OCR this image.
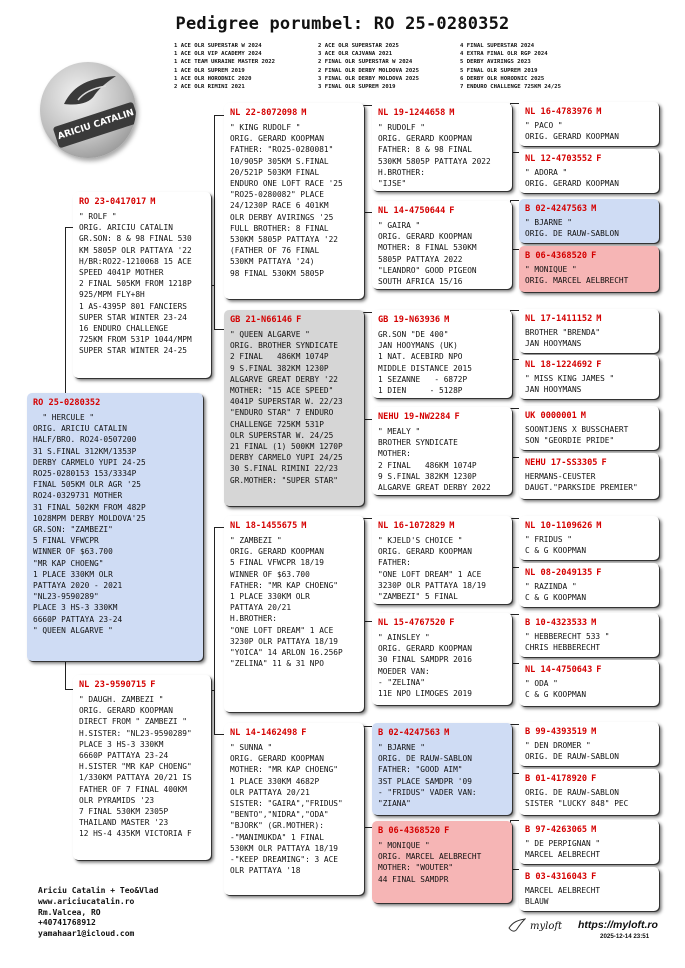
Pedigree porumbel: RO 25-0280352
1 ACE OLR SUPERSTAR W 2024
1 ACE OLR VIP ACADEMY 2024
1 ACE TEAM UKRAINE MASTER 2022
1 ACE OLR SUPREM 2019
1 ACE OLR HORODNIC 2020
2 ACE OLR RIMINI 2021
2 ACE OLR SUPERSTAR 2025
3 ACE OLR CAJVANA 2021
2 FINAL OLR SUPERSTAR W 2024
2 FINAL OLR DERBY MOLDOVA 2025
3 FINAL OLR DERBY MOLDOVA 2025
3 FINAL OLR SUPREM 2019
4 FINAL SUPERSTAR 2024
4 EXTRA FINAL OLR RGP 2024
5 DERBY AVIRINGS 2023
5 FINAL OLR SUPREM 2019
6 DERBY OLR HORODNIC 2025
7 ENDURO CHALLENGE 725KM 24/25
ARICIU CATALIN
RO 25-0280352
" HERCULE "
ORIG. ARICIU CATALIN
HALF/BRO. RO24-0507200
31 S.FINAL 312KM/1353P
DERBY CARMELO YUPI 24-25
RO25-0280153 153/3334P
FINAL 505KM OLR AGR '25
RO24-0329731 MOTHER
31 FINAL 502KM FROM 482P
1028MPM DERBY MOLDOVA'25
GR.SON: "ZAMBEZI"
5 FINAL VFWCPR
WINNER OF $63.700
"MR KAP CHOENG"
1 PLACE 330KM OLR
PATTAYA 2020 - 2021
"NL23-9590289"
PLACE 3 HS-3 330KM
6660P PATTAYA 23-24
" QUEEN ALGARVE "
RO 23-0417017 M
" ROLF "
ORIG. ARICIU CATALIN
GR.SON: 8 & 98 FINAL 530
KM 5805P OLR PATTAYA '22
H/BR:RO22-1210068 15 ACE
SPEED 4041P MOTHER
2 FINAL 505KM FROM 1218P
925/MPM FLY+8H
1 AS-4395P 801 FANCIERS
SUPER STAR WINTER 23-24
16 ENDURO CHALLENGE
725KM FROM 531P 1044/MPM
SUPER STAR WINTER 24-25
NL 23-9590715 F
" DAUGH. ZAMBEZI "
ORIG. GERARD KOOPMAN
DIRECT FROM " ZAMBEZI "
H.SISTER: "NL23-9590289"
PLACE 3 HS-3 330KM
6660P PATTAYA 23-24
H.SISTER "MR KAP CHOENG"
1/330KM PATTAYA 20/21 IS
FATHER OF 7 FINAL 400KM
OLR PYRAMIDS '23
7 FINAL 530KM 2305P
THAILAND MASTER '23
12 HS-4 435KM VICTORIA F
NL 22-8072098 M
" KING RUDOLF "
ORIG. GERARD KOOPMAN
FATHER: "RO25-0280081"
10/905P 305KM S.FINAL
20/521P 503KM FINAL
ENDURO ONE LOFT RACE '25
"RO25-0280082" PLACE
24/1230P RACE 6 401KM
OLR DERBY AVIRINGS '25
FULL BROTHER: 8 FINAL
530KM 5805P PATTAYA '22
(FATHER OF 76 FINAL
530KM PATTAYA '24)
98 FINAL 530KM 5805P
GB 21-N66146 F
" QUEEN ALGARVE "
ORIG. BROTHER SYNDICATE
2 FINAL   486KM 1074P
9 S.FINAL 382KM 1230P
ALGARVE GREAT DERBY '22
MOTHER: "15 ACE SPEED"
4041P SUPERSTAR W. 22/23
"ENDURO STAR" 7 ENDURO
CHALLENGE 725KM 531P
OLR SUPERSTAR W. 24/25
21 FINAL (1) 500KM 1270P
DERBY CARMELO YUPI 24/25
30 S.FINAL RIMINI 22/23
GR.MOTHER: "SUPER STAR"
NL 18-1455675 M
" ZAMBEZI "
ORIG. GERARD KOOPMAN
5 FINAL VFWCPR 18/19
WINNER OF $63.700
FATHER: "MR KAP CHOENG"
1 PLACE 330KM OLR
PATTAYA 20/21
H.BROTHER:
"ONE LOFT DREAM" 1 ACE
3230P OLR PATTAYA 18/19
"YOICA" 14 ARLON 16.256P
"ZELINA" 11 & 31 NPO
NL 14-1462498 F
" SUNNA "
ORIG. GERARD KOOPMAN
MOTHER: "MR KAP CHOENG"
1 PLACE 330KM 4682P
OLR PATTAYA 20/21
SISTER: "GAIRA","FRIDUS"
"BENTO","NIDRA","ODA"
"BJORK" (GR.MOTHER):
-"MANIMUKDA" 1 FINAL
530KM OLR PATTAYA 18/19
-"KEEP DREAMING": 3 ACE
OLR PATTAYA '18
NL 19-1244658 M
" RUDOLF "
ORIG. GERARD KOOPMAN
FATHER: 8 & 98 FINAL
530KM 5805P PATTAYA 2022
H.BROTHER:
"IJSE"
NL 14-4750644 F
" GAIRA "
ORIG. GERARD KOOPMAN
MOTHER: 8 FINAL 530KM
5805P PATTAYA 2022
"LEANDRO" GOOD PIGEON
SOUTH AFRICA 15/16
GB 19-N63936 M
GR.SON "DE 400"
JAN HOOYMANS (UK)
1 NAT. ACEBIRD NPO
MIDDLE DISTANCE 2015
1 SEZANNE   - 6872P
1 DIEN     - 5128P
NEHU 19-NW2284 F
" MEALY "
BROTHER SYNDICATE
MOTHER:
2 FINAL   486KM 1074P
9 S.FINAL 382KM 1230P
ALGARVE GREAT DERBY 2022
NL 16-1072829 M
" KJELD'S CHOICE "
ORIG. GERARD KOOPMAN
FATHER:
"ONE LOFT DREAM" 1 ACE
3230P OLR PATTAYA 18/19
"ZAMBEZI" 5 FINAL
NL 15-4767520 F
" AINSLEY "
ORIG. GERARD KOOPMAN
30 FINAL SAMDPR 2016
MOEDER VAN:
- "ZELINA"
11E NPO LIMOGES 2019
B 02-4247563 M
" BJARNE "
ORIG. DE RAUW-SABLON
FATHER: "GOOD AIM"
3ST PLACE SAMDPR '09
- "FRIDUS" VADER VAN:
"ZIANA"
B 06-4368520 F
" MONIQUE "
ORIG. MARCEL AELBRECHT
MOTHER: "WOUTER"
44 FINAL SAMDPR
NL 16-4783976 M
" PACO "
ORIG. GERARD KOOPMAN
NL 12-4703552 F
" ADORA "
ORIG. GERARD KOOPMAN
B 02-4247563 M
" BJARNE "
ORIG. DE RAUW-SABLON
B 06-4368520 F
" MONIQUE "
ORIG. MARCEL AELBRECHT
NL 17-1411152 M
BROTHER "BRENDA"
JAN HOOYMANS
NL 18-1224692 F
" MISS KING JAMES "
JAN HOOYMANS
UK 0000001 M
SOONTJENS X BUSSCHAERT
SON "GEORDIE PRIDE"
NEHU 17-SS3305 F
HERMANS-CEUSTER
DAUGT."PARKSIDE PREMIER"
NL 10-1109626 M
" FRIDUS "
C & G KOOPMAN
NL 08-2049135 F
" RAZINDA "
C & G KOOPMAN
B 10-4323533 M
" HEBBERECHT 533 "
CHRIS HEBBERECHT
NL 14-4750643 F
" ODA "
C & G KOOPMAN
B 99-4393519 M
" DEN DROMER "
ORIG. DE RAUW-SABLON
B 01-4178920 F
ORIG. DE RAUW-SABLON
SISTER "LUCKY 848" PEC
B 97-4263065 M
" DE PERPIGNAN "
MARCEL AELBRECHT
B 03-4316043 F
MARCEL AELBRECHT
BLAUW
Ariciu Catalin + Teo&Vlad
www.ariciucatalin.ro
Rm.Valcea, RO
+40741768912
yamahaar1@icloud.com
myloft https://myloft.ro
2025-12-14 23:51
